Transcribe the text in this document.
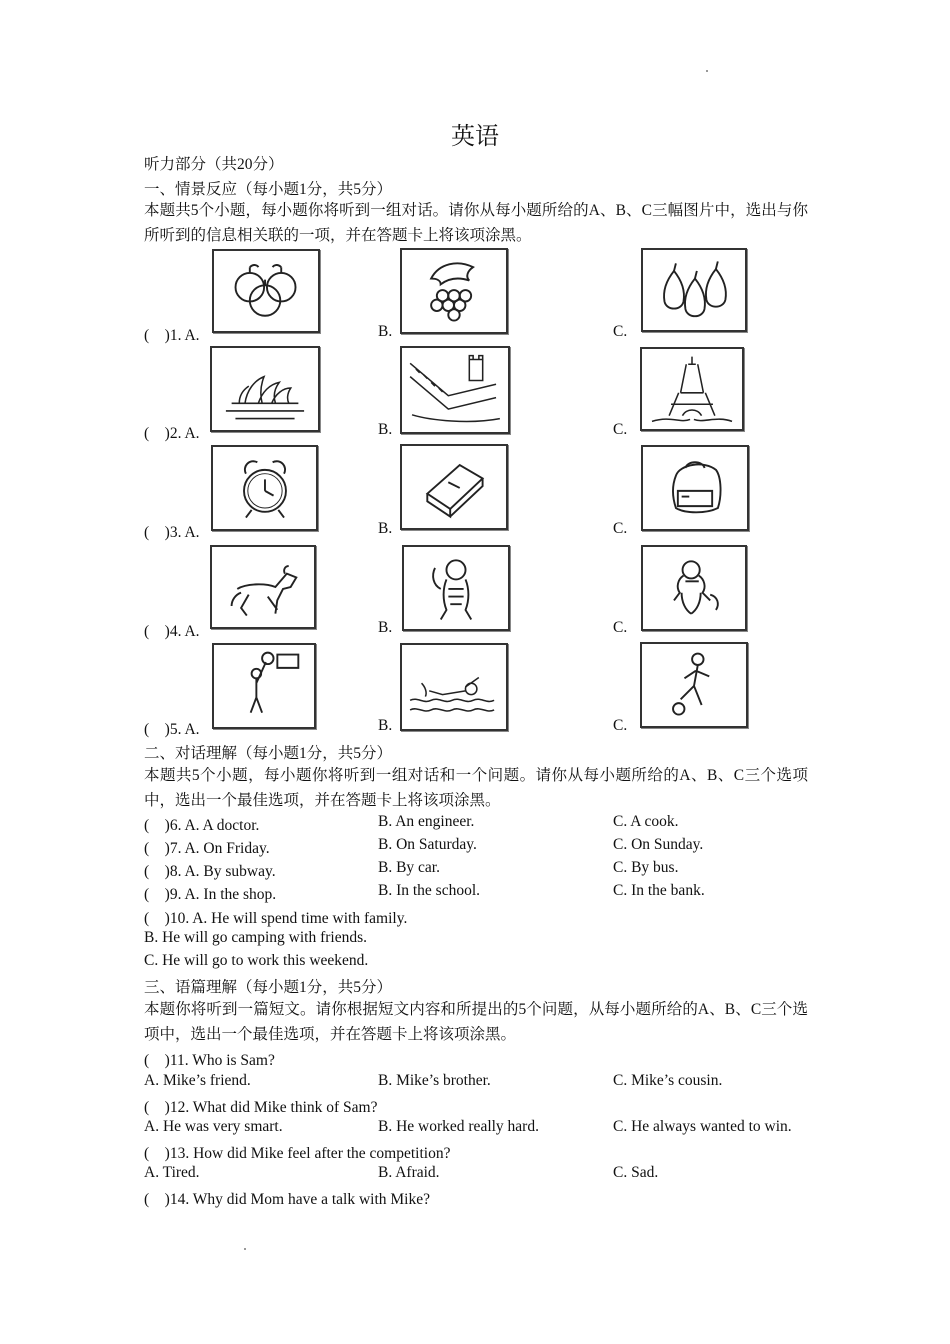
英语
听力部分（共20分）
一、情景反应（每小题1分，共5分）
本题共5个小题，每小题你将听到一组对话。请你从每小题所给的A、B、C三幅图片中，选出与你所听到的信息相关联的一项，并在答题卡上将该项涂黑。
(　)1. A.	B.	C.
(　)2. A.	B.	C.
(　)3. A.	B.	C.
(　)4. A.	B.	C.
(　)5. A.	B.	C.
二、对话理解（每小题1分，共5分）
本题共5个小题，每小题你将听到一组对话和一个问题。请你从每小题所给的A、B、C三个选项中，选出一个最佳选项，并在答题卡上将该项涂黑。
(　)6. A. A doctor.	B. An engineer.	C. A cook.
(　)7. A. On Friday.	B. On Saturday.	C. On Sunday.
(　)8. A. By subway.	B. By car.	C. By bus.
(　)9. A. In the shop.	B. In the school.	C. In the bank.
(　)10. A. He will spend time with family.
B. He will go camping with friends.
C. He will go to work this weekend.
三、语篇理解（每小题1分，共5分）
本题你将听到一篇短文。请你根据短文内容和所提出的5个问题，从每小题所给的A、B、C三个选项中，选出一个最佳选项，并在答题卡上将该项涂黑。
(　)11. Who is Sam?
A. Mike’s friend.	B. Mike’s brother.	C. Mike’s cousin.
(　)12. What did Mike think of Sam?
A. He was very smart.	B. He worked really hard.	C. He always wanted to win.
(　)13. How did Mike feel after the competition?
A. Tired.	B. Afraid.	C. Sad.
(　)14. Why did Mom have a talk with Mike?
